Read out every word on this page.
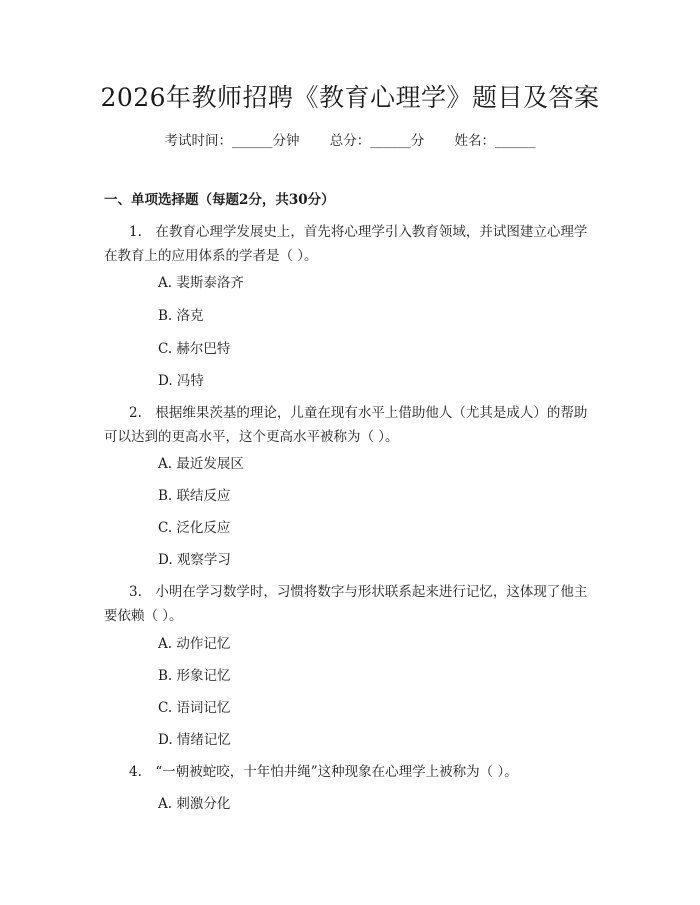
2026年教师招聘《教育心理学》题目及答案
考试时间：______分钟 总分：______分 姓名：______
一、单项选择题（每题2分，共30分）
1.　在教育心理学发展史上，首先将心理学引入教育领域，并试图建立心理学在教育上的应用体系的学者是（ ）。
A. 裴斯泰洛齐
B. 洛克
C. 赫尔巴特
D. 冯特
2.　根据维果茨基的理论，儿童在现有水平上借助他人（尤其是成人）的帮助可以达到的更高水平，这个更高水平被称为（ ）。
A. 最近发展区
B. 联结反应
C. 泛化反应
D. 观察学习
3.　小明在学习数学时，习惯将数字与形状联系起来进行记忆，这体现了他主要依赖（ ）。
A. 动作记忆
B. 形象记忆
C. 语词记忆
D. 情绪记忆
4.　“一朝被蛇咬，十年怕井绳”这种现象在心理学上被称为（ ）。
A. 刺激分化
